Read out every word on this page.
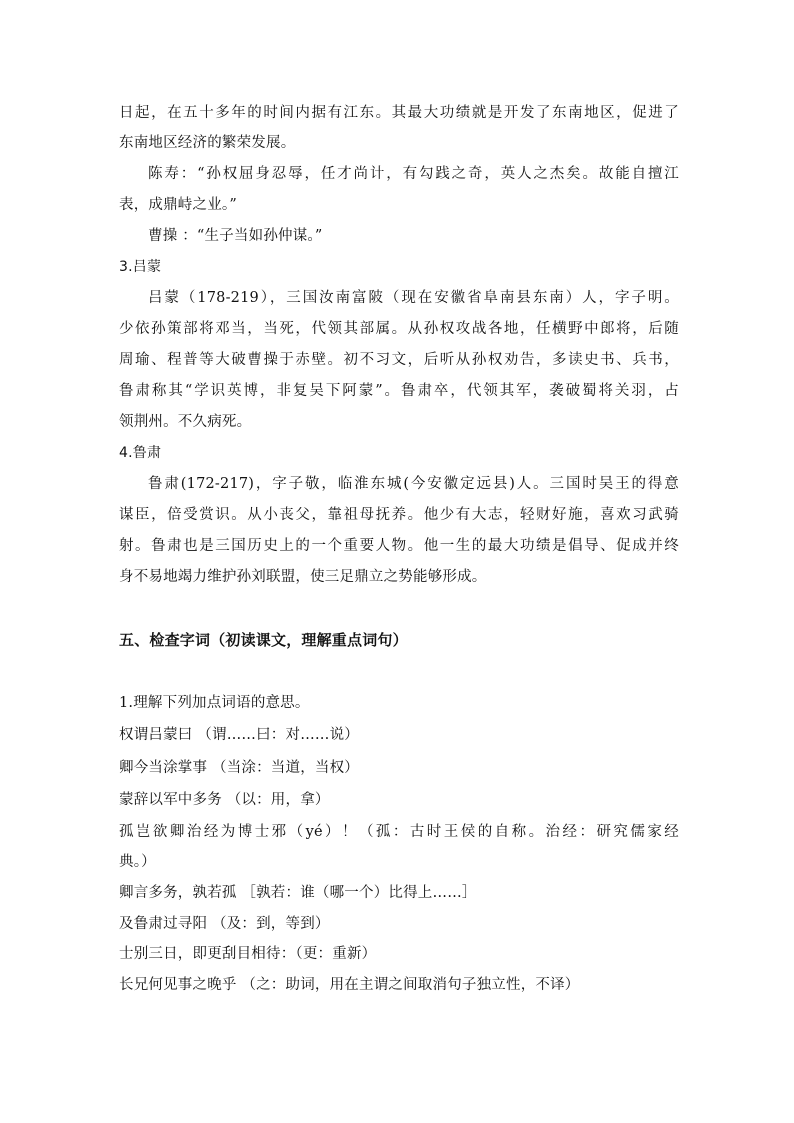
日起，在五十多年的时间内据有江东。其最大功绩就是开发了东南地区，促进了
东南地区经济的繁荣发展。
陈寿：“孙权屈身忍辱，任才尚计，有勾践之奇，英人之杰矣。故能自擅江
表，成鼎峙之业。”
曹操 ：“生子当如孙仲谋。”
3.吕蒙
吕蒙（178-219），三国汝南富陂（现在安徽省阜南县东南）人，字子明。
少依孙策部将邓当，当死，代领其部属。从孙权攻战各地，任横野中郎将，后随
周瑜、程普等大破曹操于赤壁。初不习文，后听从孙权劝告，多读史书、兵书，
鲁肃称其“学识英博，非复吴下阿蒙”。鲁肃卒，代领其军，袭破蜀将关羽，占
领荆州。不久病死。
4.鲁肃
鲁肃(172-217)，字子敬，临淮东城(今安徽定远县)人。三国时吴王的得意
谋臣，倍受赏识。从小丧父，靠祖母抚养。他少有大志，轻财好施，喜欢习武骑
射。鲁肃也是三国历史上的一个重要人物。他一生的最大功绩是倡导、促成并终
身不易地竭力维护孙刘联盟，使三足鼎立之势能够形成。
五、检查字词（初读课文，理解重点词句）
1.理解下列加点词语的意思。
权谓吕蒙曰 （谓……曰：对……说）
卿今当涂掌事 （当涂：当道，当权）
蒙辞以军中多务 （以：用，拿）
孤岂欲卿治经为博士邪（yé）！（孤：古时王侯的自称。治经：研究儒家经
典。）
卿言多务，孰若孤 ［孰若：谁（哪一个）比得上……］
及鲁肃过寻阳 （及：到，等到）
士别三日，即更刮目相待：（更：重新）
长兄何见事之晚乎 （之：助词，用在主谓之间取消句子独立性，不译）
